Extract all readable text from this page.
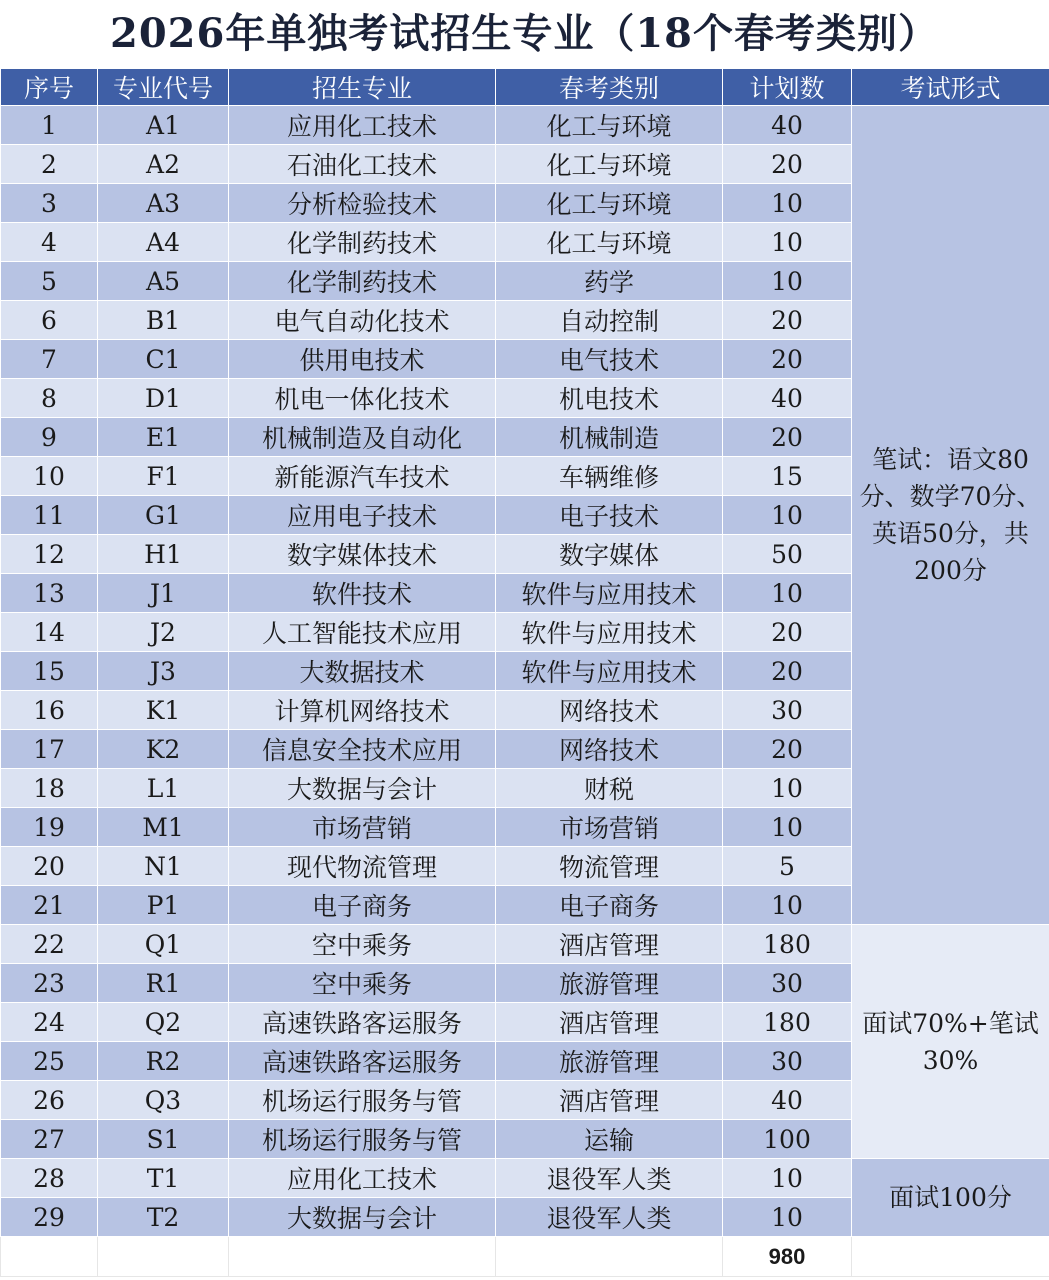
2026年单独考试招生专业（18个春考类别）
序号	专业代号	招生专业	春考类别	计划数	考试形式
1	A1	应用化工技术	化工与环境	40	笔试：语文80分、数学70分、英语50分，共200分
2	A2	石油化工技术	化工与环境	20	
3	A3	分析检验技术	化工与环境	10	
4	A4	化学制药技术	化工与环境	10	
5	A5	化学制药技术	药学	10	
6	B1	电气自动化技术	自动控制	20	
7	C1	供用电技术	电气技术	20	
8	D1	机电一体化技术	机电技术	40	
9	E1	机械制造及自动化	机械制造	20	
10	F1	新能源汽车技术	车辆维修	15	
11	G1	应用电子技术	电子技术	10	
12	H1	数字媒体技术	数字媒体	50	
13	J1	软件技术	软件与应用技术	10	
14	J2	人工智能技术应用	软件与应用技术	20	
15	J3	大数据技术	软件与应用技术	20	
16	K1	计算机网络技术	网络技术	30	
17	K2	信息安全技术应用	网络技术	20	
18	L1	大数据与会计	财税	10	
19	M1	市场营销	市场营销	10	
20	N1	现代物流管理	物流管理	5	
21	P1	电子商务	电子商务	10	
22	Q1	空中乘务	酒店管理	180	面试70%+笔试30%
23	R1	空中乘务	旅游管理	30	
24	Q2	高速铁路客运服务	酒店管理	180	
25	R2	高速铁路客运服务	旅游管理	30	
26	Q3	机场运行服务与管	酒店管理	40	
27	S1	机场运行服务与管	运输	100	
28	T1	应用化工技术	退役军人类	10	面试100分
29	T2	大数据与会计	退役军人类	10	
				980	
